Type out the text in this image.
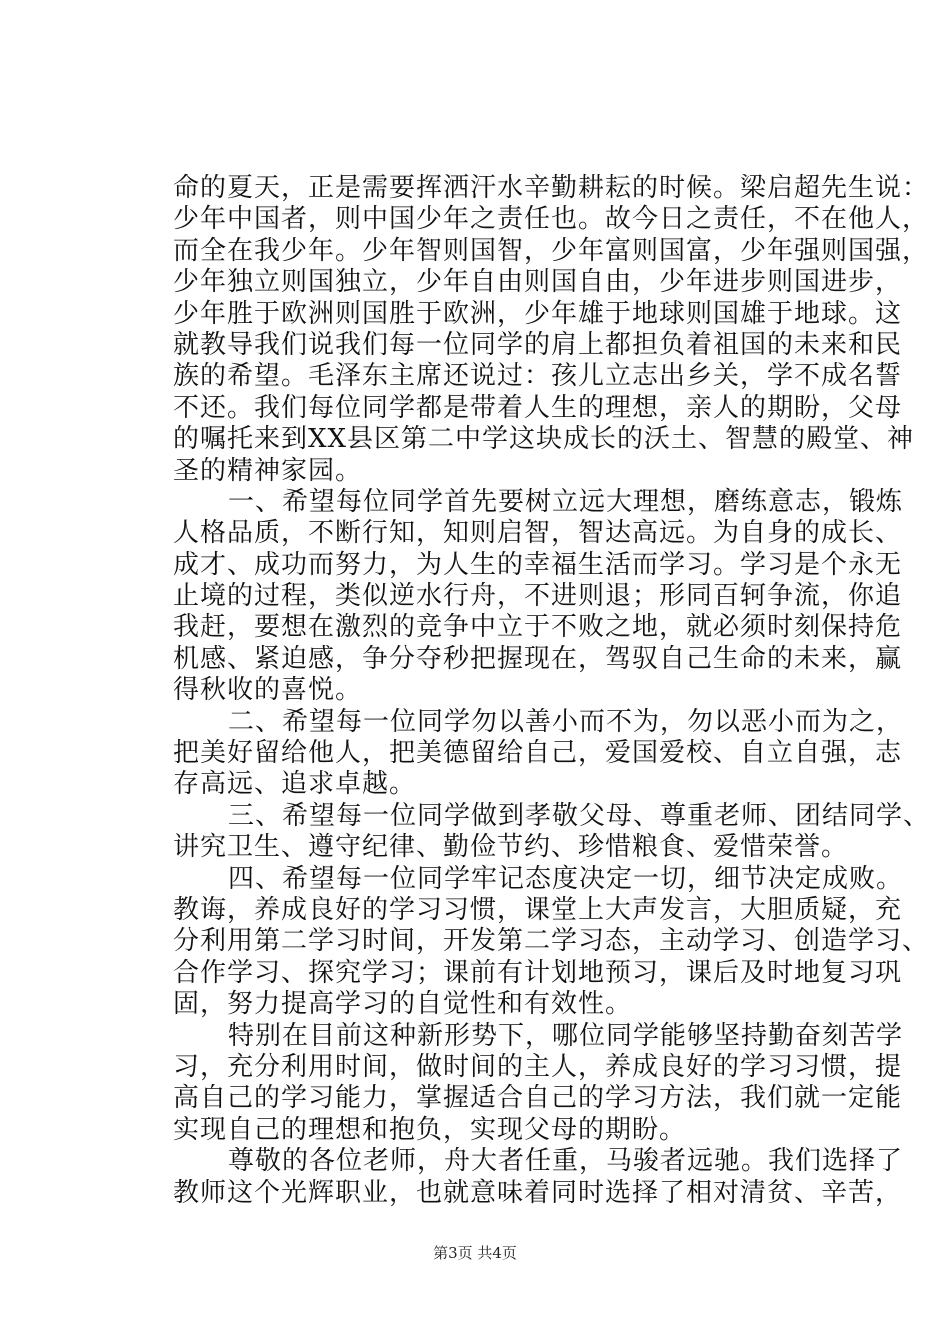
命的夏天，正是需要挥洒汗水辛勤耕耘的时候。梁启超先生说：
少年中国者，则中国少年之责任也。故今日之责任，不在他人，
而全在我少年。少年智则国智，少年富则国富，少年强则国强，
少年独立则国独立，少年自由则国自由，少年进步则国进步，
少年胜于欧洲则国胜于欧洲，少年雄于地球则国雄于地球。这
就教导我们说我们每一位同学的肩上都担负着祖国的未来和民
族的希望。毛泽东主席还说过：孩儿立志出乡关，学不成名誓
不还。我们每位同学都是带着人生的理想，亲人的期盼，父母
的嘱托来到XX县区第二中学这块成长的沃土、智慧的殿堂、神
圣的精神家园。
一、希望每位同学首先要树立远大理想，磨练意志，锻炼
人格品质，不断行知，知则启智，智达高远。为自身的成长、
成才、成功而努力，为人生的幸福生活而学习。学习是个永无
止境的过程，类似逆水行舟，不进则退；形同百轲争流，你追
我赶，要想在激烈的竞争中立于不败之地，就必须时刻保持危
机感、紧迫感，争分夺秒把握现在，驾驭自己生命的未来，赢
得秋收的喜悦。
二、希望每一位同学勿以善小而不为，勿以恶小而为之，
把美好留给他人，把美德留给自己，爱国爱校、自立自强，志
存高远、追求卓越。
三、希望每一位同学做到孝敬父母、尊重老师、团结同学、
讲究卫生、遵守纪律、勤俭节约、珍惜粮食、爱惜荣誉。
四、希望每一位同学牢记态度决定一切，细节决定成败。
教诲，养成良好的学习习惯，课堂上大声发言，大胆质疑，充
分利用第二学习时间，开发第二学习态，主动学习、创造学习、
合作学习、探究学习；课前有计划地预习，课后及时地复习巩
固，努力提高学习的自觉性和有效性。
特别在目前这种新形势下，哪位同学能够坚持勤奋刻苦学
习，充分利用时间，做时间的主人，养成良好的学习习惯，提
高自己的学习能力，掌握适合自己的学习方法，我们就一定能
实现自己的理想和抱负，实现父母的期盼。
尊敬的各位老师，舟大者任重，马骏者远驰。我们选择了
教师这个光辉职业，也就意味着同时选择了相对清贫、辛苦，
第3页 共4页
